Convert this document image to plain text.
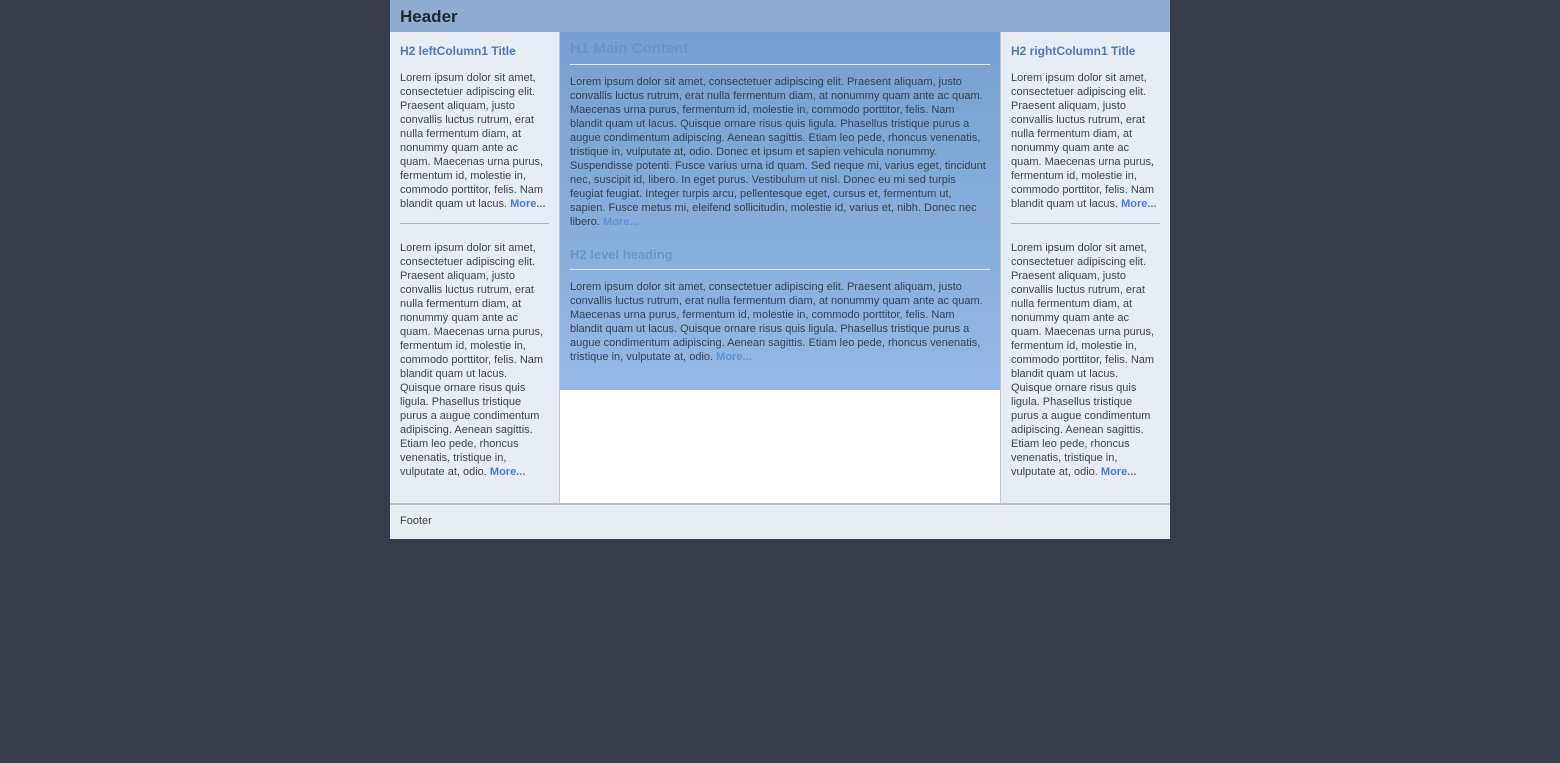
Header
H2 leftColumn1 Title

Lorem ipsum dolor sit amet, consectetuer adipiscing elit. Praesent aliquam, justo convallis luctus rutrum, erat nulla fermentum diam, at nonummy quam ante ac quam. Maecenas urna purus, fermentum id, molestie in, commodo porttitor, felis. Nam blandit quam ut lacus. More...

Lorem ipsum dolor sit amet, consectetuer adipiscing elit. Praesent aliquam, justo convallis luctus rutrum, erat nulla fermentum diam, at nonummy quam ante ac quam. Maecenas urna purus, fermentum id, molestie in, commodo porttitor, felis. Nam blandit quam ut lacus. Quisque ornare risus quis ligula. Phasellus tristique purus a augue condimentum adipiscing. Aenean sagittis. Etiam leo pede, rhoncus venenatis, tristique in, vulputate at, odio. More...

H1 Main Content

Lorem ipsum dolor sit amet, consectetuer adipiscing elit. Praesent aliquam, justo convallis luctus rutrum, erat nulla fermentum diam, at nonummy quam ante ac quam. Maecenas urna purus, fermentum id, molestie in, commodo porttitor, felis. Nam blandit quam ut lacus. Quisque ornare risus quis ligula. Phasellus tristique purus a augue condimentum adipiscing. Aenean sagittis. Etiam leo pede, rhoncus venenatis, tristique in, vulputate at, odio. Donec et ipsum et sapien vehicula nonummy. Suspendisse potenti. Fusce varius urna id quam. Sed neque mi, varius eget, tincidunt nec, suscipit id, libero. In eget purus. Vestibulum ut nisl. Donec eu mi sed turpis feugiat feugiat. Integer turpis arcu, pellentesque eget, cursus et, fermentum ut, sapien. Fusce metus mi, eleifend sollicitudin, molestie id, varius et, nibh. Donec nec libero. More...

H2 level heading

Lorem ipsum dolor sit amet, consectetuer adipiscing elit. Praesent aliquam, justo convallis luctus rutrum, erat nulla fermentum diam, at nonummy quam ante ac quam. Maecenas urna purus, fermentum id, molestie in, commodo porttitor, felis. Nam blandit quam ut lacus. Quisque ornare risus quis ligula. Phasellus tristique purus a augue condimentum adipiscing. Aenean sagittis. Etiam leo pede, rhoncus venenatis, tristique in, vulputate at, odio. More...

H2 rightColumn1 Title

Lorem ipsum dolor sit amet, consectetuer adipiscing elit. Praesent aliquam, justo convallis luctus rutrum, erat nulla fermentum diam, at nonummy quam ante ac quam. Maecenas urna purus, fermentum id, molestie in, commodo porttitor, felis. Nam blandit quam ut lacus. More...

Lorem ipsum dolor sit amet, consectetuer adipiscing elit. Praesent aliquam, justo convallis luctus rutrum, erat nulla fermentum diam, at nonummy quam ante ac quam. Maecenas urna purus, fermentum id, molestie in, commodo porttitor, felis. Nam blandit quam ut lacus. Quisque ornare risus quis ligula. Phasellus tristique purus a augue condimentum adipiscing. Aenean sagittis. Etiam leo pede, rhoncus venenatis, tristique in, vulputate at, odio. More...

Footer
